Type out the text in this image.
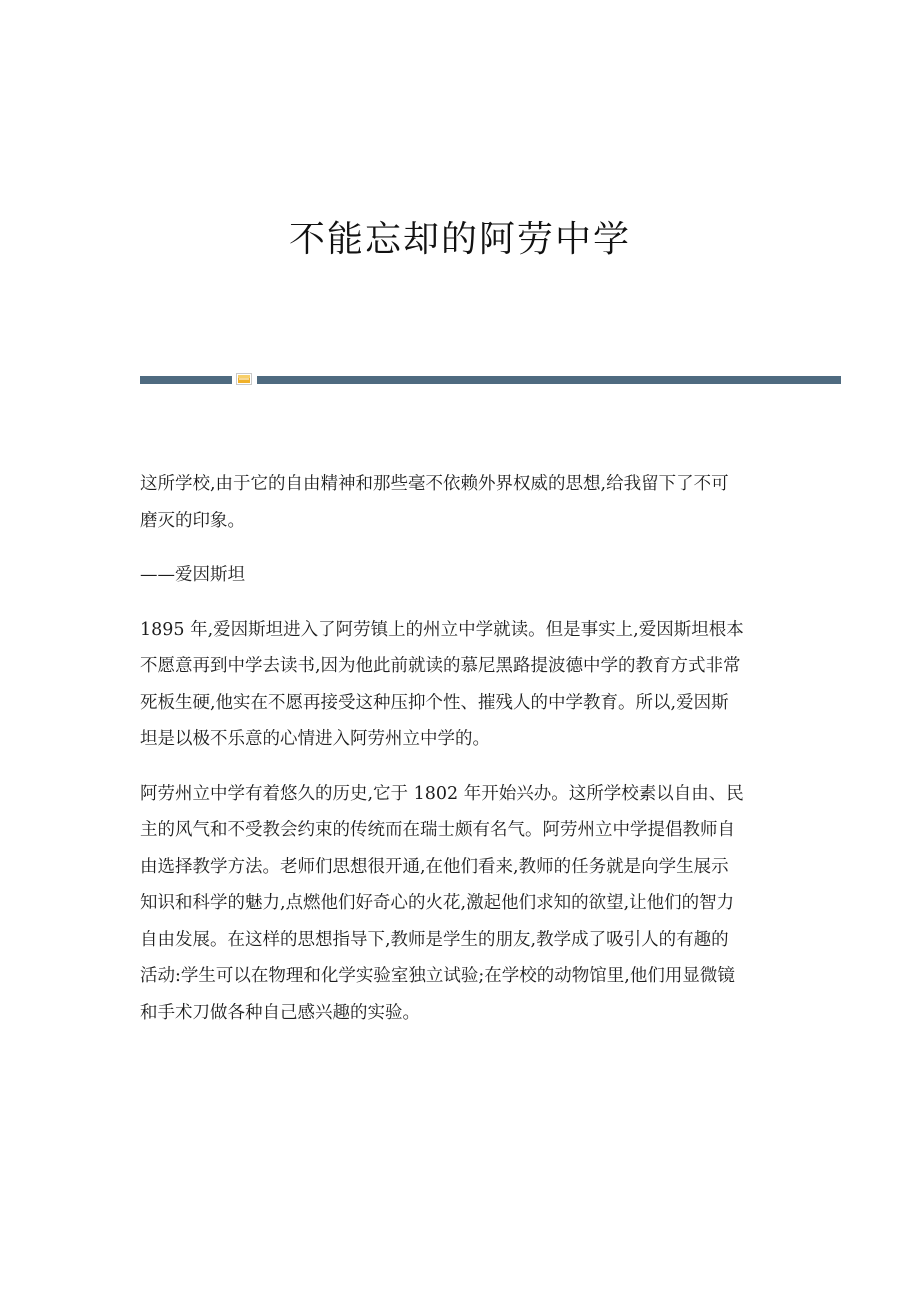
不能忘却的阿劳中学

这所学校,由于它的自由精神和那些毫不依赖外界权威的思想,给我留下了不可
磨灭的印象。

——爱因斯坦

1895 年,爱因斯坦进入了阿劳镇上的州立中学就读。但是事实上,爱因斯坦根本
不愿意再到中学去读书,因为他此前就读的慕尼黑路提波德中学的教育方式非常
死板生硬,他实在不愿再接受这种压抑个性、摧残人的中学教育。所以,爱因斯
坦是以极不乐意的心情进入阿劳州立中学的。

阿劳州立中学有着悠久的历史,它于 1802 年开始兴办。这所学校素以自由、民
主的风气和不受教会约束的传统而在瑞士颇有名气。阿劳州立中学提倡教师自
由选择教学方法。老师们思想很开通,在他们看来,教师的任务就是向学生展示
知识和科学的魅力,点燃他们好奇心的火花,激起他们求知的欲望,让他们的智力
自由发展。在这样的思想指导下,教师是学生的朋友,教学成了吸引人的有趣的
活动:学生可以在物理和化学实验室独立试验;在学校的动物馆里,他们用显微镜
和手术刀做各种自己感兴趣的实验。
